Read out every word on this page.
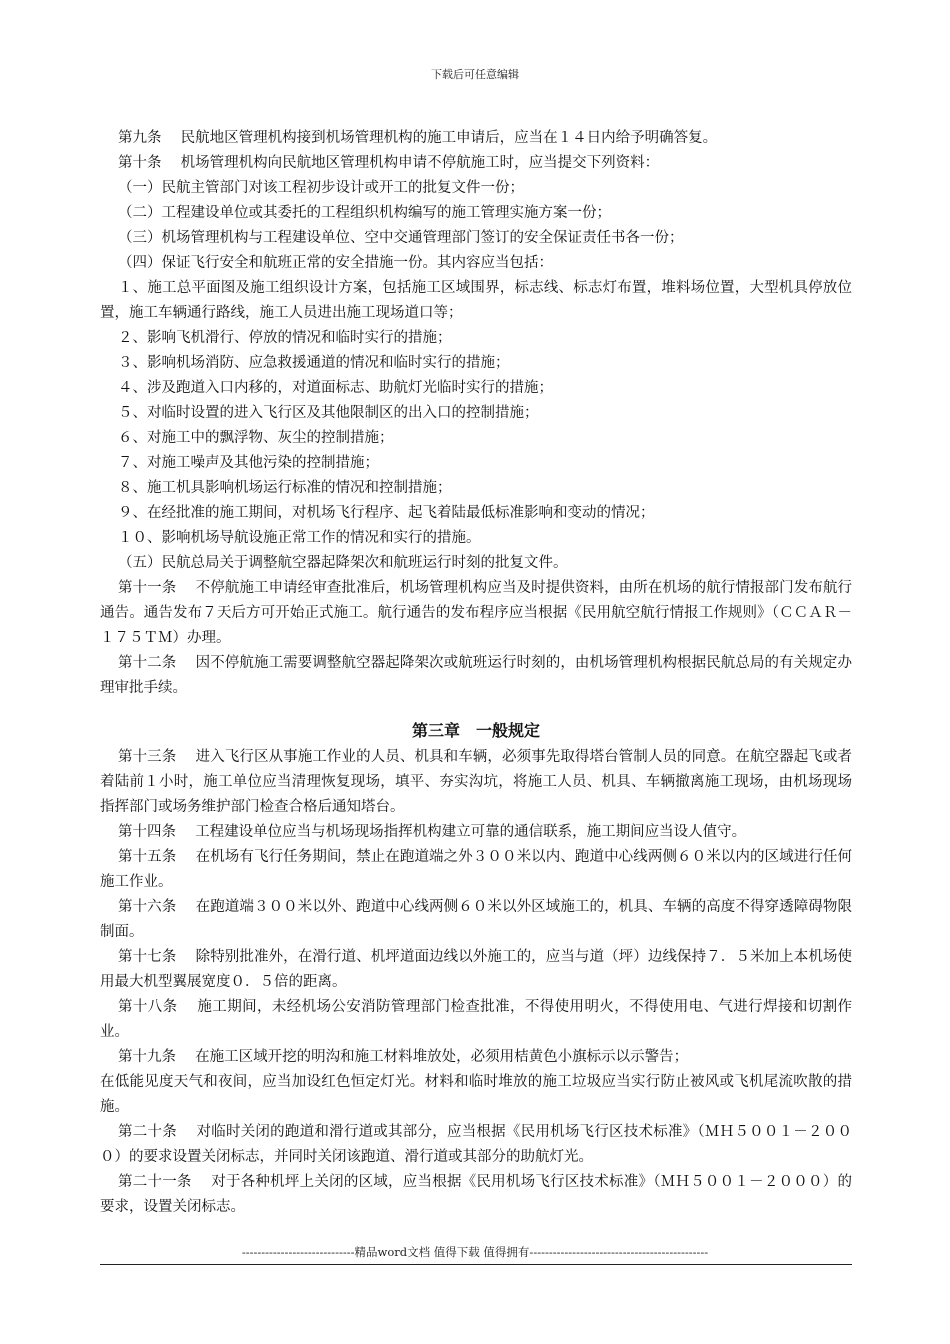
下载后可任意编辑
第九条　 民航地区管理机构接到机场管理机构的施工申请后，应当在１４日内给予明确答复。
第十条　 机场管理机构向民航地区管理机构申请不停航施工时，应当提交下列资料：
（一）民航主管部门对该工程初步设计或开工的批复文件一份；
（二）工程建设单位或其委托的工程组织机构编写的施工管理实施方案一份；
（三）机场管理机构与工程建设单位、空中交通管理部门签订的安全保证责任书各一份；
（四）保证飞行安全和航班正常的安全措施一份。其内容应当包括：
１、施工总平面图及施工组织设计方案，包括施工区域围界，标志线、标志灯布置，堆料场位置，大型机具停放位置，施工车辆通行路线，施工人员进出施工现场道口等；
２、影响飞机滑行、停放的情况和临时实行的措施；
３、影响机场消防、应急救援通道的情况和临时实行的措施；
４、涉及跑道入口内移的，对道面标志、助航灯光临时实行的措施；
５、对临时设置的进入飞行区及其他限制区的出入口的控制措施；
６、对施工中的飘浮物、灰尘的控制措施；
７、对施工噪声及其他污染的控制措施；
８、施工机具影响机场运行标准的情况和控制措施；
９、在经批准的施工期间，对机场飞行程序、起飞着陆最低标准影响和变动的情况；
１０、影响机场导航设施正常工作的情况和实行的措施。
（五）民航总局关于调整航空器起降架次和航班运行时刻的批复文件。
第十一条　 不停航施工申请经审查批准后，机场管理机构应当及时提供资料，由所在机场的航行情报部门发布航行通告。通告发布７天后方可开始正式施工。航行通告的发布程序应当根据《民用航空航行情报工作规则》（ＣＣＡＲ－１７５ＴＭ）办理。
第十二条　 因不停航施工需要调整航空器起降架次或航班运行时刻的，由机场管理机构根据民航总局的有关规定办理审批手续。
第三章　一般规定
第十三条　 进入飞行区从事施工作业的人员、机具和车辆，必须事先取得塔台管制人员的同意。在航空器起飞或者着陆前１小时，施工单位应当清理恢复现场，填平、夯实沟坑，将施工人员、机具、车辆撤离施工现场，由机场现场指挥部门或场务维护部门检查合格后通知塔台。
第十四条　 工程建设单位应当与机场现场指挥机构建立可靠的通信联系，施工期间应当设人值守。
第十五条　 在机场有飞行任务期间，禁止在跑道端之外３００米以内、跑道中心线两侧６０米以内的区域进行任何施工作业。
第十六条　 在跑道端３００米以外、跑道中心线两侧６０米以外区域施工的，机具、车辆的高度不得穿透障碍物限制面。
第十七条　 除特别批准外，在滑行道、机坪道面边线以外施工的，应当与道（坪）边线保持７．５米加上本机场使用最大机型翼展宽度０．５倍的距离。
第十八条　 施工期间，未经机场公安消防管理部门检查批准，不得使用明火，不得使用电、气进行焊接和切割作业。
第十九条　 在施工区域开挖的明沟和施工材料堆放处，必须用桔黄色小旗标示以示警告；
在低能见度天气和夜间，应当加设红色恒定灯光。材料和临时堆放的施工垃圾应当实行防止被风或飞机尾流吹散的措施。
第二十条　 对临时关闭的跑道和滑行道或其部分，应当根据《民用机场飞行区技术标准》（ＭＨ５００１－２０００）的要求设置关闭标志，并同时关闭该跑道、滑行道或其部分的助航灯光。
第二十一条　 对于各种机坪上关闭的区域，应当根据《民用机场飞行区技术标准》（ＭＨ５００１－２０００）的要求，设置关闭标志。
-----------------------------精品word文档 值得下载 值得拥有----------------------------------------------
